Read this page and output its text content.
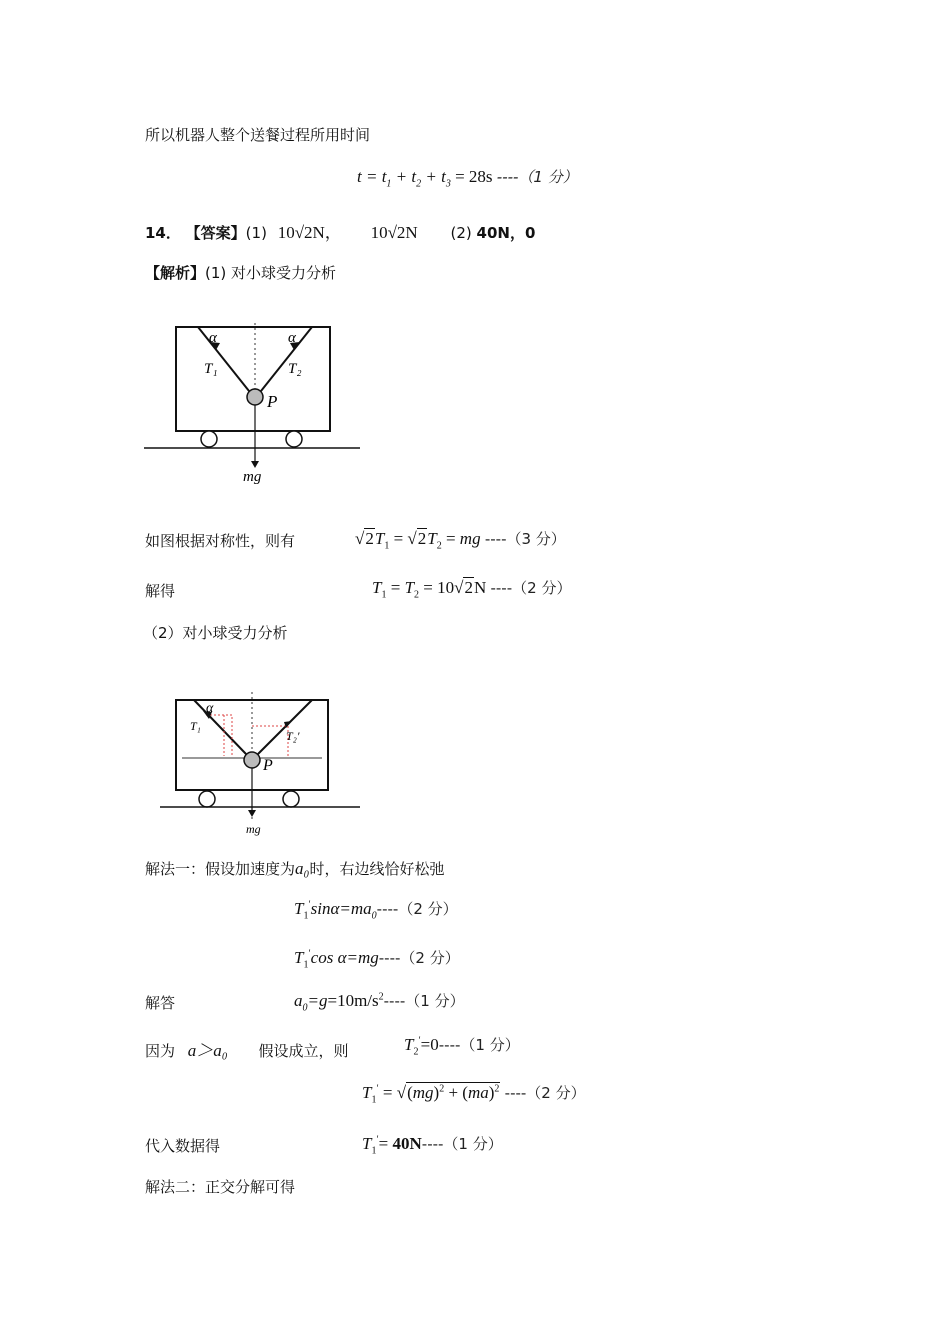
所以机器人整个送餐过程所用时间
$t = t_1 + t_2 + t_3 = 28s$ ----（1 分）
14． 【答案】(1) 10√2N， 10√2N (2) 40N，0
【解析】(1) 对小球受力分析
α	α
T₁	T₂
P
mg
如图根据对称性，则有	$√2T_1 = √2T_2$ = mg ----（3 分）
解得	$T_1 = T_2 = 10√2N$ ----（2 分）
（2）对小球受力分析
α
T₁
T₂′
P
mg
解法一：假设加速度为a₀时，右边线恰好松弛
$T_1'\sin\alpha=ma_0----(2$ 分）
$T_1'\cos$ α=mg----（2 分）
解答	$a_0=g=10m/s^2----(1$ 分）
因为 a＞a₀ 假设成立，则	$T_2'=0----(1$ 分）
$T_1' = √(mg)^2 + (ma)^2$ ----（2 分）
代入数据得	$T_1'= 40N----(1$ 分）
解法二：正交分解可得
